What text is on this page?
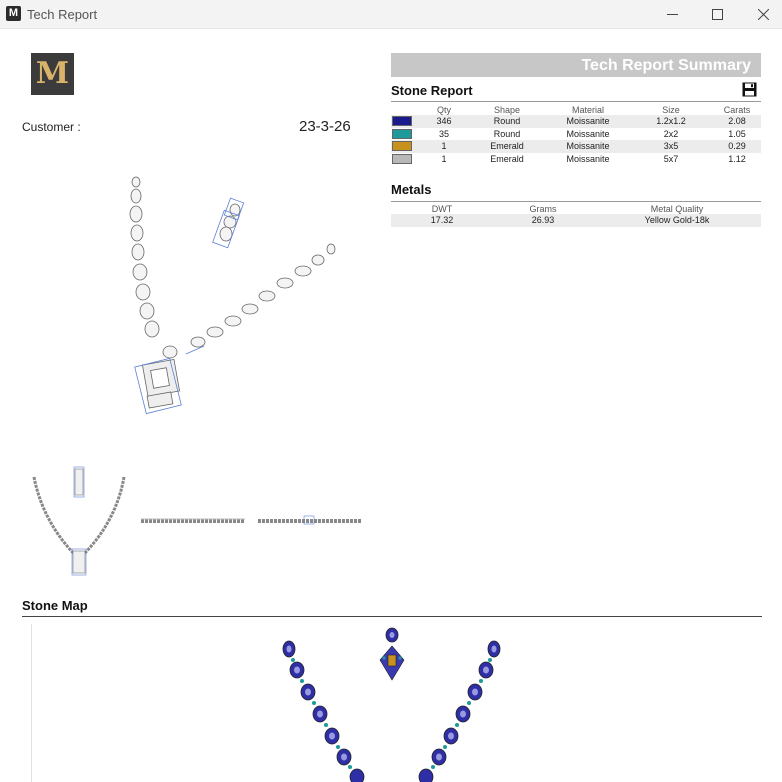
M Tech Report
M
Customer :	23-3-26
Tech Report Summary
Stone Report
	Qty	Shape	Material	Size	Carats

	346	Round	Moissanite	1.2x1.2	2.08

	35	Round	Moissanite	2x2	1.05

	1	Emerald	Moissanite	3x5	0.29

	1	Emerald	Moissanite	5x7	1.12
Metals
DWT	Grams	Metal Quality
17.32	26.93	Yellow Gold-18k
Stone Map
